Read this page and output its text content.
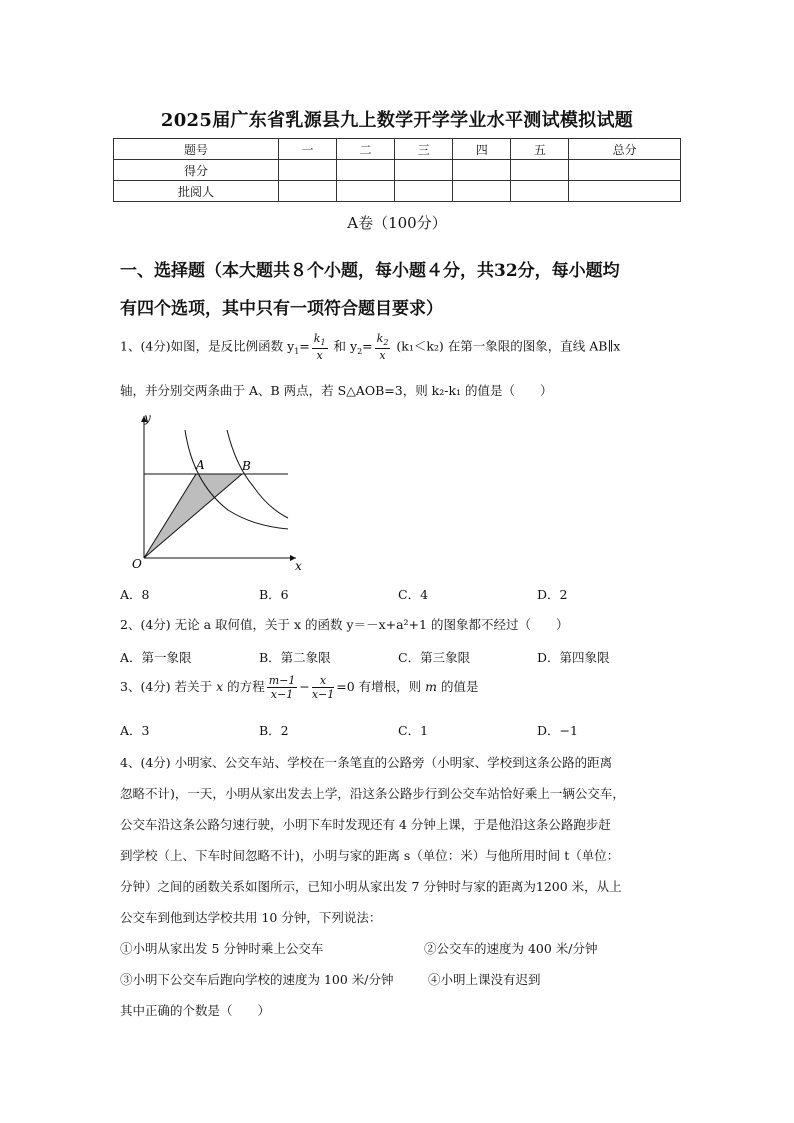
2025届广东省乳源县九上数学开学学业水平测试模拟试题
题号	一	二	三	四	五	总分
得分						
批阅人						
A卷（100分）
一、选择题（本大题共８个小题，每小题４分，共32分，每小题均
有四个选项，其中只有一项符合题目要求）
1、(4分)如图，是反比例函数 $y_1= \frac{k_1}{x}$ 和 $y_2= \frac{k_2}{x} (k_1<k_2)$ 在第一象限的图象，直线 AB∥x
轴，并分别交两条曲于 A、B 两点，若 S△AOB=3，则 k₂-k₁ 的值是（　　）
y
x
O
A	B
A．8	B．6	C．4	D．2
2、(4分) 无论 a 取何值，关于 x 的函数 y＝－x+a²+1 的图象都不经过（　　）
A．第一象限	B．第二象限	C．第三象限	D．第四象限
3、(4分) 若关于 x 的方程 $\frac{m-1}{x-1} - \frac{x}{x-1} =0$ 有增根，则 m 的值是
A．3	B．2	C．1	D．−1
4、(4分) 小明家、公交车站、学校在一条笔直的公路旁（小明家、学校到这条公路的距离
忽略不计)，一天，小明从家出发去上学，沿这条公路步行到公交车站恰好乘上一辆公交车，
公交车沿这条公路匀速行驶，小明下车时发现还有 4 分钟上课，于是他沿这条公路跑步赶
到学校（上、下车时间忽略不计)，小明与家的距离 s（单位：米）与他所用时间 t（单位：
分钟）之间的函数关系如图所示，已知小明从家出发 7 分钟时与家的距离为1200 米，从上
公交车到他到达学校共用 10 分钟，下列说法：
①小明从家出发 5 分钟时乘上公交车	②公交车的速度为 400 米/分钟
③小明下公交车后跑向学校的速度为 100 米/分钟	④小明上课没有迟到
其中正确的个数是（　　）
